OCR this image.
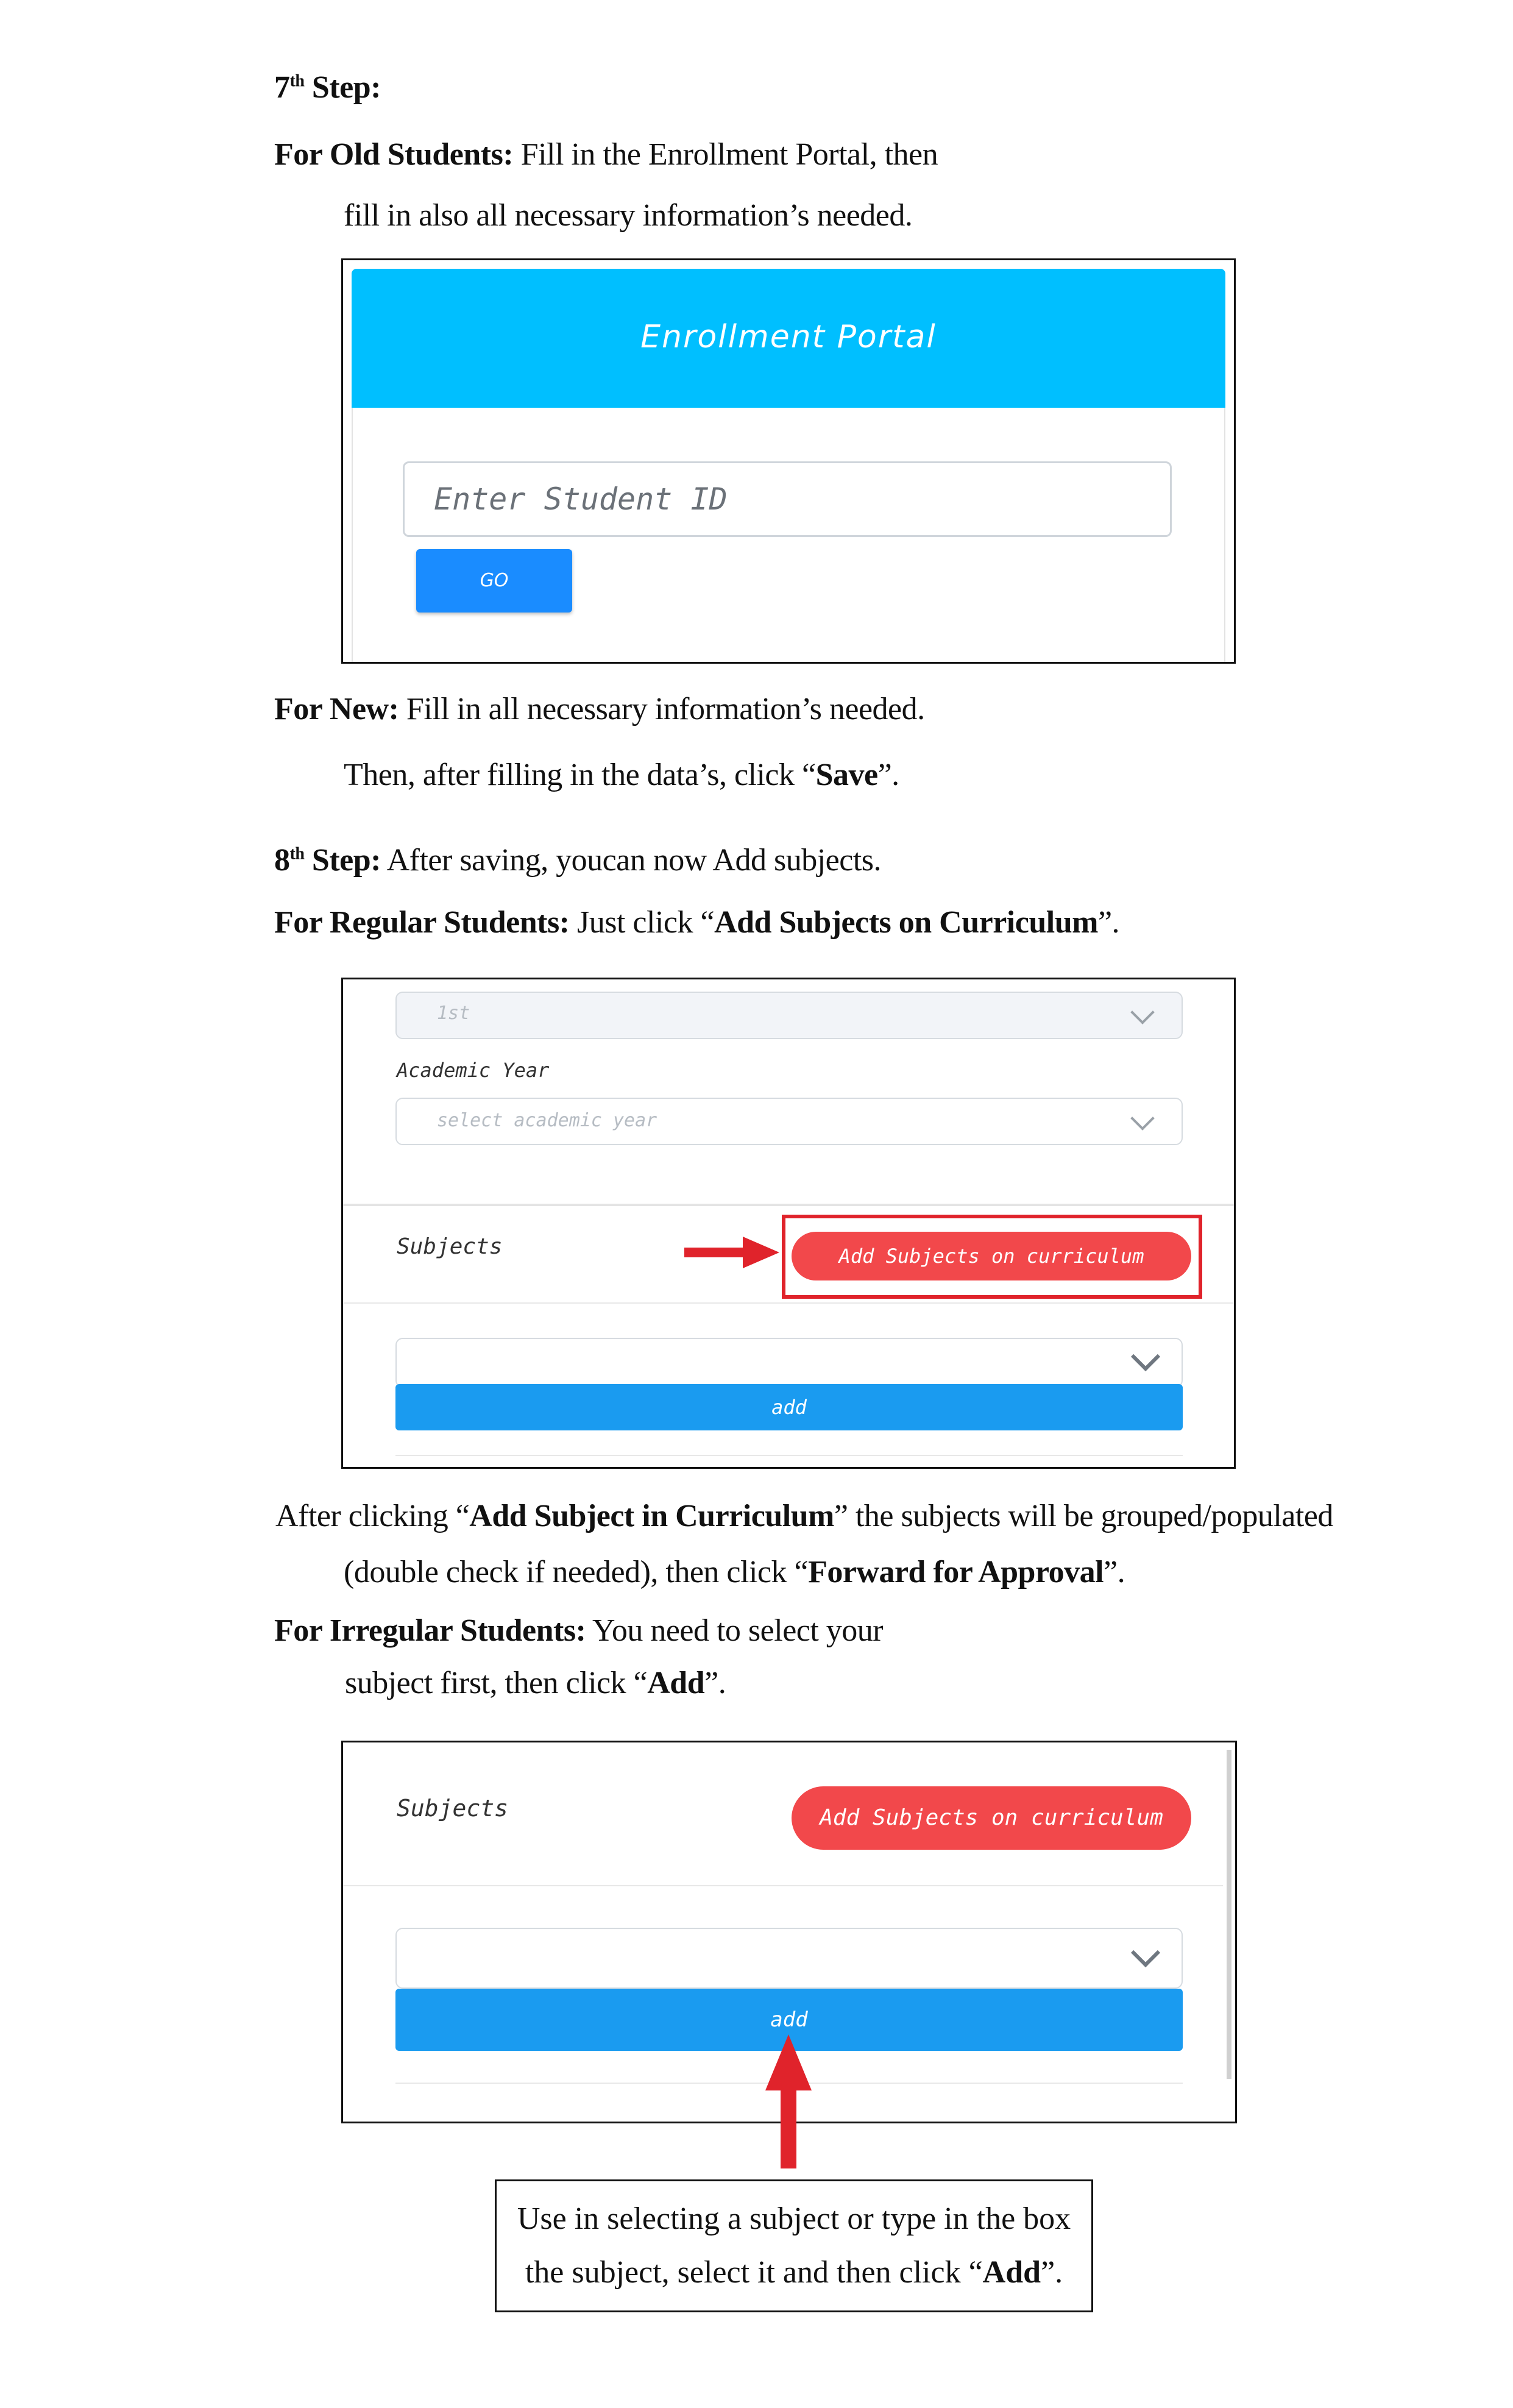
7th Step:
For Old Students: Fill in the Enrollment Portal, then
fill in also all necessary information’s needed.
Enrollment Portal
Enter Student ID
GO
For New: Fill in all necessary information’s needed.
Then, after filling in the data’s, click “Save”.
8th Step: After saving, youcan now Add subjects.
For Regular Students: Just click “Add Subjects on Curriculum”.
1st
Academic Year
select academic year
Subjects	Add Subjects on curriculum
add
After clicking “Add Subject in Curriculum” the subjects will be grouped/populated
(double check if needed), then click “Forward for Approval”.
For Irregular Students: You need to select your
subject first, then click “Add”.
Subjects	Add Subjects on curriculum
add
Use in selecting a subject or type in the box
the subject, select it and then click “Add”.
